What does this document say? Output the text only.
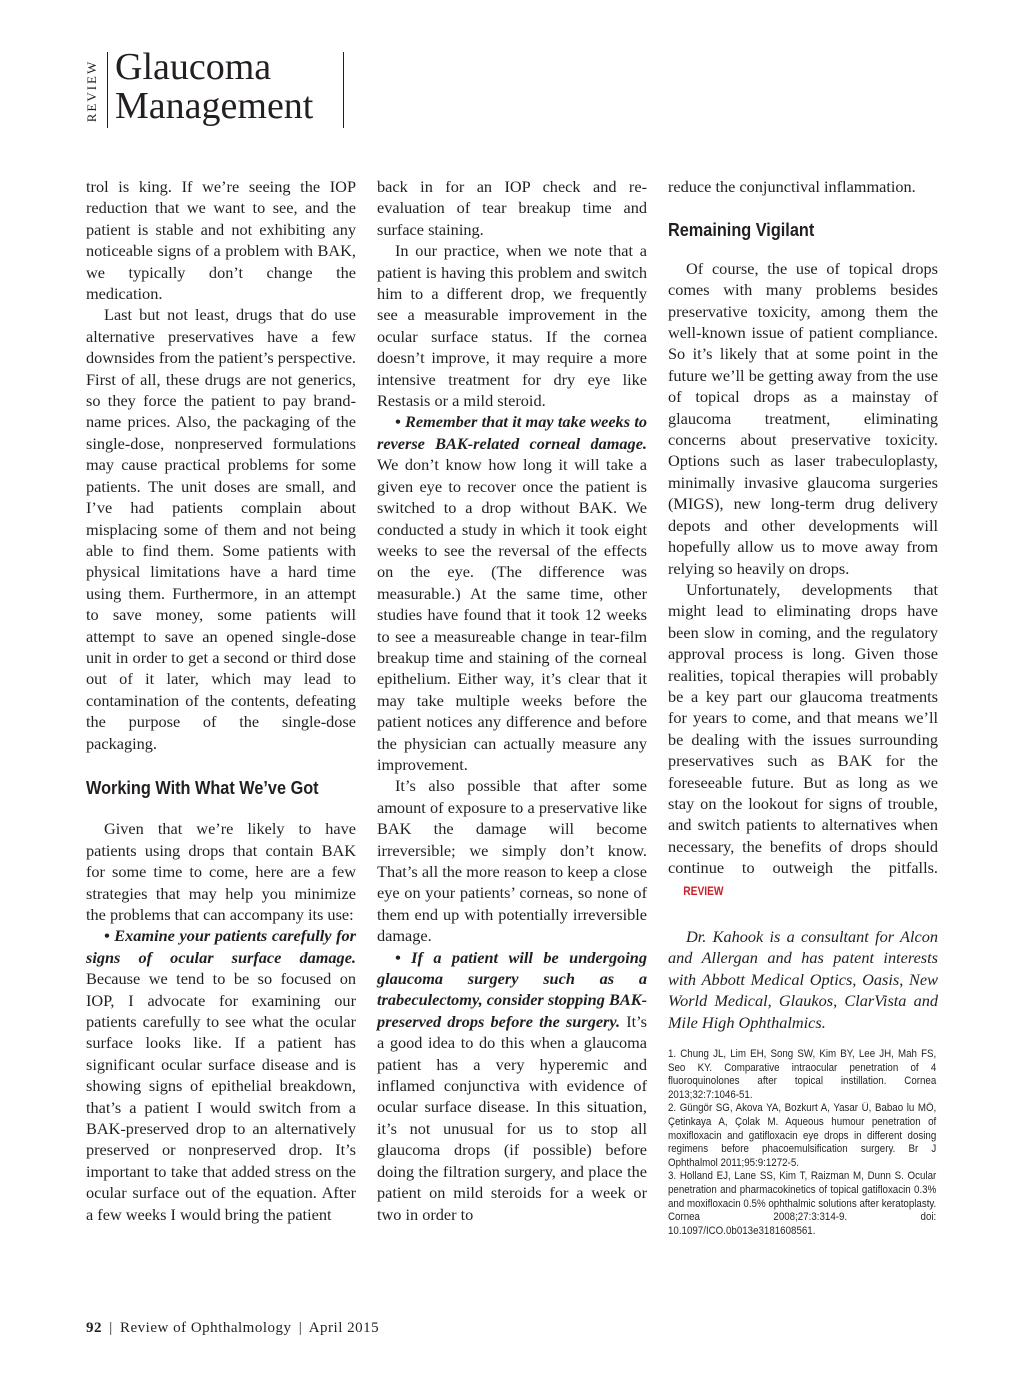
REVIEW Glaucoma
Management

trol is king. If we’re seeing the IOP reduction that we want to see, and the patient is stable and not exhibiting any noticeable signs of a problem with BAK, we typically don’t change the medication.

Last but not least, drugs that do use alternative preservatives have a few downsides from the patient’s perspective. First of all, these drugs are not generics, so they force the patient to pay brand-name prices. Also, the packaging of the single-dose, nonpreserved formulations may cause practical problems for some patients. The unit doses are small, and I’ve had patients complain about misplacing some of them and not being able to find them. Some patients with physical limitations have a hard time using them. Furthermore, in an attempt to save money, some patients will attempt to save an opened single-dose unit in order to get a second or third dose out of it later, which may lead to contamination of the contents, defeating the purpose of the single-dose packaging.

Working With What We’ve Got

Given that we’re likely to have patients using drops that contain BAK for some time to come, here are a few strategies that may help you minimize the problems that can accompany its use:

• Examine your patients carefully for signs of ocular surface damage. Because we tend to be so focused on IOP, I advocate for examining our patients carefully to see what the ocular surface looks like. If a patient has significant ocular surface disease and is showing signs of epithelial breakdown, that’s a patient I would switch from a BAK-preserved drop to an alternatively preserved or nonpreserved drop. It’s important to take that added stress on the ocular surface out of the equation. After a few weeks I would bring the patient

back in for an IOP check and re-evaluation of tear breakup time and surface staining.

In our practice, when we note that a patient is having this problem and switch him to a different drop, we frequently see a measurable improvement in the ocular surface status. If the cornea doesn’t improve, it may require a more intensive treatment for dry eye like Restasis or a mild steroid.

• Remember that it may take weeks to reverse BAK-related corneal damage. We don’t know how long it will take a given eye to recover once the patient is switched to a drop without BAK. We conducted a study in which it took eight weeks to see the reversal of the effects on the eye. (The difference was measurable.) At the same time, other studies have found that it took 12 weeks to see a measureable change in tear-film breakup time and staining of the corneal epithelium. Either way, it’s clear that it may take multiple weeks before the patient notices any difference and before the physician can actually measure any improvement.

It’s also possible that after some amount of exposure to a preservative like BAK the damage will become irreversible; we simply don’t know. That’s all the more reason to keep a close eye on your patients’ corneas, so none of them end up with potentially irreversible damage.

• If a patient will be undergoing glaucoma surgery such as a trabeculectomy, consider stopping BAK-preserved drops before the surgery. It’s a good idea to do this when a glaucoma patient has a very hyperemic and inflamed conjunctiva with evidence of ocular surface disease. In this situation, it’s not unusual for us to stop all glaucoma drops (if possible) before doing the filtration surgery, and place the patient on mild steroids for a week or two in order to

reduce the conjunctival inflammation.

Remaining Vigilant

Of course, the use of topical drops comes with many problems besides preservative toxicity, among them the well-known issue of patient compliance. So it’s likely that at some point in the future we’ll be getting away from the use of topical drops as a mainstay of glaucoma treatment, eliminating concerns about preservative toxicity. Options such as laser trabeculoplasty, minimally invasive glaucoma surgeries (MIGS), new long-term drug delivery depots and other developments will hopefully allow us to move away from relying so heavily on drops.

Unfortunately, developments that might lead to eliminating drops have been slow in coming, and the regulatory approval process is long. Given those realities, topical therapies will probably be a key part our glaucoma treatments for years to come, and that means we’ll be dealing with the issues surrounding preservatives such as BAK for the foreseeable future. But as long as we stay on the lookout for signs of trouble, and switch patients to alternatives when necessary, the benefits of drops should continue to outweigh the pitfalls. REVIEW

Dr. Kahook is a consultant for Alcon and Allergan and has patent interests with Abbott Medical Optics, Oasis, New World Medical, Glaukos, ClarVista and Mile High Ophthalmics.

1. Chung JL, Lim EH, Song SW, Kim BY, Lee JH, Mah FS, Seo KY. Comparative intraocular penetration of 4 fluoroquinolones after topical instillation. Cornea 2013;32:7:1046-51.
2. Güngör SG, Akova YA, Bozkurt A, Yasar Ü, Babao lu MÖ, Çetinkaya A, Çolak M. Aqueous humour penetration of moxifloxacin and gatifloxacin eye drops in different dosing regimens before phacoemulsification surgery. Br J Ophthalmol 2011;95:9:1272-5.
3. Holland EJ, Lane SS, Kim T, Raizman M, Dunn S. Ocular penetration and pharmacokinetics of topical gatifloxacin 0.3% and moxifloxacin 0.5% ophthalmic solutions after keratoplasty. Cornea 2008;27:3:314-9. doi: 10.1097/ICO.0b013e3181608561.
92 | Review of Ophthalmology | April 2015
